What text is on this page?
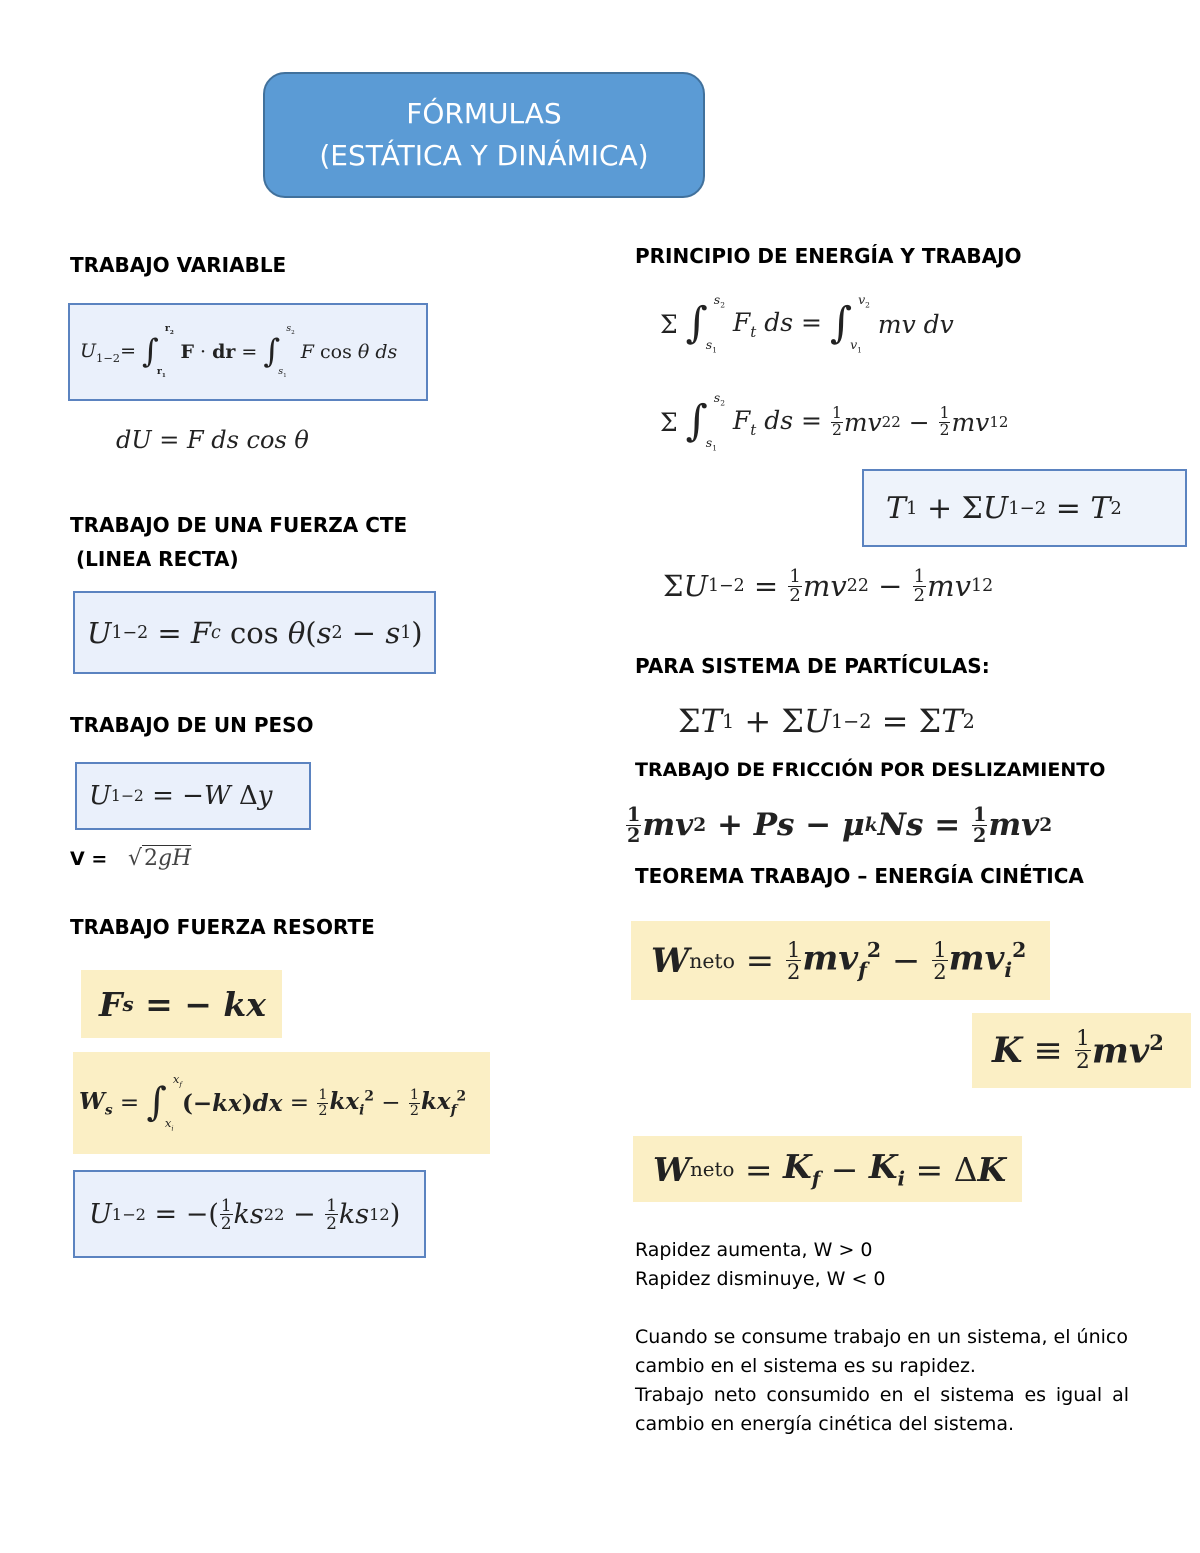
FÓRMULAS
(ESTÁTICA Y DINÁMICA)
TRABAJO VARIABLE
$U_{1-2}=$ ∫
$r_2$
$r_1$
F · dr = ∫
$s_2$
$s_1$
F cos θ ds
dU = F ds cos θ
TRABAJO DE UNA FUERZA CTE
(LINEA RECTA)
U 1−2 = F c cos θ ( s 2 − s 1 )
TRABAJO DE UN PESO
U 1−2 = − W Δ y
V = √2gH
TRABAJO FUERZA RESORTE
F s = − kx
$W_s$ = ∫
$x_f$
$x_i$
$(-kx)dx = \frac{1}{2} kx_i^2 - \frac{1}{2} kx_f^2$
U 1−2 = −( $\frac{1}{2}$ ks 2 $2 - \frac{1}{2}$ ks 1 2 )
PRINCIPIO DE ENERGÍA Y TRABAJO
Σ ∫ $s_2$
$s_1$
$F_t$ ds = ∫ $v_2$
$v_1$
mv dv
Σ ∫ $s_2$
$s_1$
$F_t$ ds = $\frac{1}{2}$ mv 2 $2 - \frac{1}{2}$ mv 1 2
T 1 + Σ U 1−2 = T 2
Σ U $1-2 = \frac{1}{2}$ mv 2 $2 - \frac{1}{2}$ mv 1 2
PARA SISTEMA DE PARTÍCULAS:
Σ T 1 + Σ U 1−2 = Σ T 2
TRABAJO DE FRICCIÓN POR DESLIZAMIENTO
$\frac{1}{2}$ mv 2 + Ps − μ k $Ns = \frac{1}{2}$ mv 2
TEOREMA TRABAJO – ENERGÍA CINÉTICA
W neto = $\frac{1}{2} mv_f^2 - \frac{1}{2} mv_i^2$
$K \equiv \frac{1}{2} mv^2$
W neto = $K_f - K_i = \Delta$ K
Rapidez aumenta, W > 0
Rapidez disminuye, W < 0
Cuando se consume trabajo en un sistema, el único cambio en el sistema es su rapidez.
Trabajo neto consumido en el sistema es igual al cambio en energía cinética del sistema.
